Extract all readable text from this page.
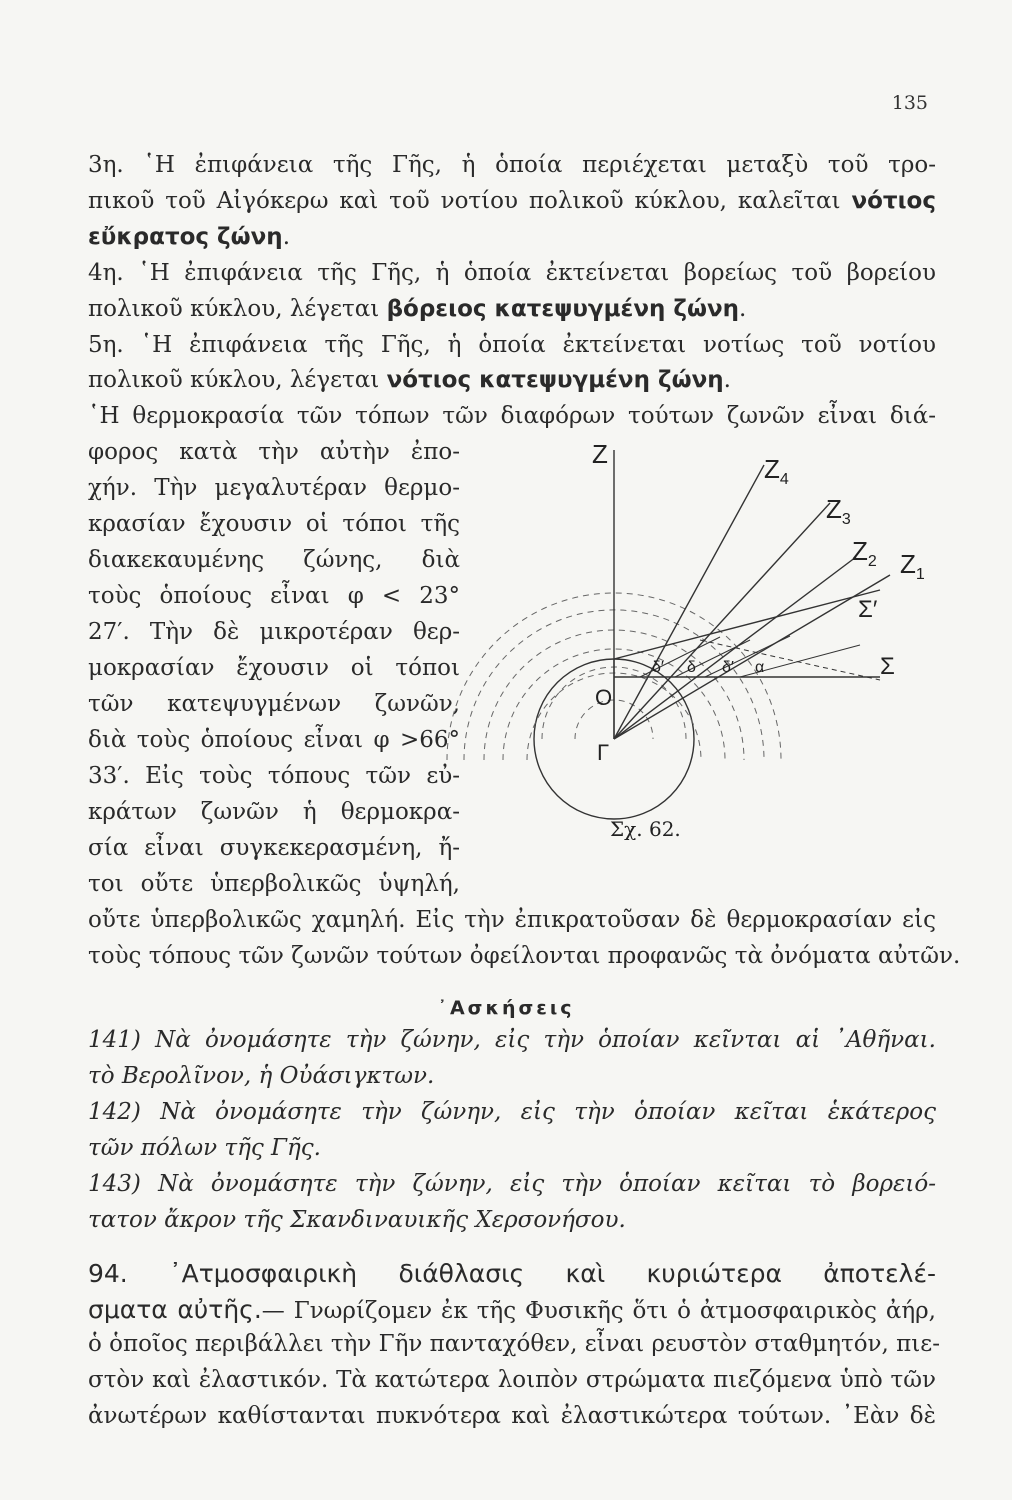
135
3η. ῾Η ἐπιφάνεια τῆς Γῆς, ἡ ὁποία περιέχεται μεταξὺ τοῦ τρο-
πικοῦ τοῦ Αἰγόκερω καὶ τοῦ νοτίου πολικοῦ κύκλου, καλεῖται νότιος
εὔκρατος ζώνη.
4η. ῾Η ἐπιφάνεια τῆς Γῆς, ἡ ὁποία ἐκτείνεται βορείως τοῦ βορείου
πολικοῦ κύκλου, λέγεται βόρειος κατεψυγμένη ζώνη.
5η. ῾Η ἐπιφάνεια τῆς Γῆς, ἡ ὁποία ἐκτείνεται νοτίως τοῦ νοτίου
πολικοῦ κύκλου, λέγεται νότιος κατεψυγμένη ζώνη.
῾Η θερμοκρασία τῶν τόπων τῶν διαφόρων τούτων ζωνῶν εἶναι διά-
φορος κατὰ τὴν αὐτὴν ἐπο-
χήν. Τὴν μεγαλυτέραν θερμο-
κρασίαν ἔχουσιν οἱ τόποι τῆς
διακεκαυμένης ζώνης, διὰ
τοὺς ὁποίους εἶναι φ < 23°
27′. Τὴν δὲ μικροτέραν θερ-
μοκρασίαν ἔχουσιν οἱ τόποι
τῶν κατεψυγμένων ζωνῶν,
διὰ τοὺς ὁποίους εἶναι φ >66°
33′. Εἰς τοὺς τόπους τῶν εὐ-
κράτων ζωνῶν ἡ θερμοκρα-
σία εἶναι συγκεκερασμένη, ἤ-
τοι οὔτε ὑπερβολικῶς ὑψηλή,
οὔτε ὑπερβολικῶς χαμηλή. Εἰς τὴν ἐπικρατοῦσαν δὲ θερμοκρασίαν εἰς
τοὺς τόπους τῶν ζωνῶν τούτων ὀφείλονται προφανῶς τὰ ὀνόματα αὐτῶν.
᾿Ασκήσεις
141) Νὰ ὀνομάσητε τὴν ζώνην, εἰς τὴν ὁποίαν κεῖνται αἱ ᾿Αθῆναι.
τὸ Βερολῖνον, ἡ Οὐάσιγκτων.
142) Νὰ ὀνομάσητε τὴν ζώνην, εἰς τὴν ὁποίαν κεῖται ἑκάτερος
τῶν πόλων τῆς Γῆς.
143) Νὰ ὀνομάσητε τὴν ζώνην, εἰς τὴν ὁποίαν κεῖται τὸ βορειό-
τατον ἄκρον τῆς Σκανδιναυικῆς Χερσονήσου.
94. ᾿Ατμοσφαιρικὴ διάθλασις καὶ κυριώτερα ἀποτελέ-
σματα αὐτῆς.— Γνωρίζομεν ἐκ τῆς Φυσικῆς ὅτι ὁ ἀτμοσφαιρικὸς ἀήρ,
ὁ ὁποῖος περιβάλλει τὴν Γῆν πανταχόθεν, εἶναι ρευστὸν σταθμητόν, πιε-
στὸν καὶ ἐλαστικόν. Τὰ κατώτερα λοιπὸν στρώματα πιεζόμενα ὑπὸ τῶν
ἀνωτέρων καθίστανται πυκνότερα καὶ ἐλαστικώτερα τούτων. ᾿Εὰν δὲ
Z	$Z_4$
$Z_3$
$Z_2$ $Z_1$
Σ′
Σ
O
Γ
δ′ δ δ′ α
Σχ. 62.
